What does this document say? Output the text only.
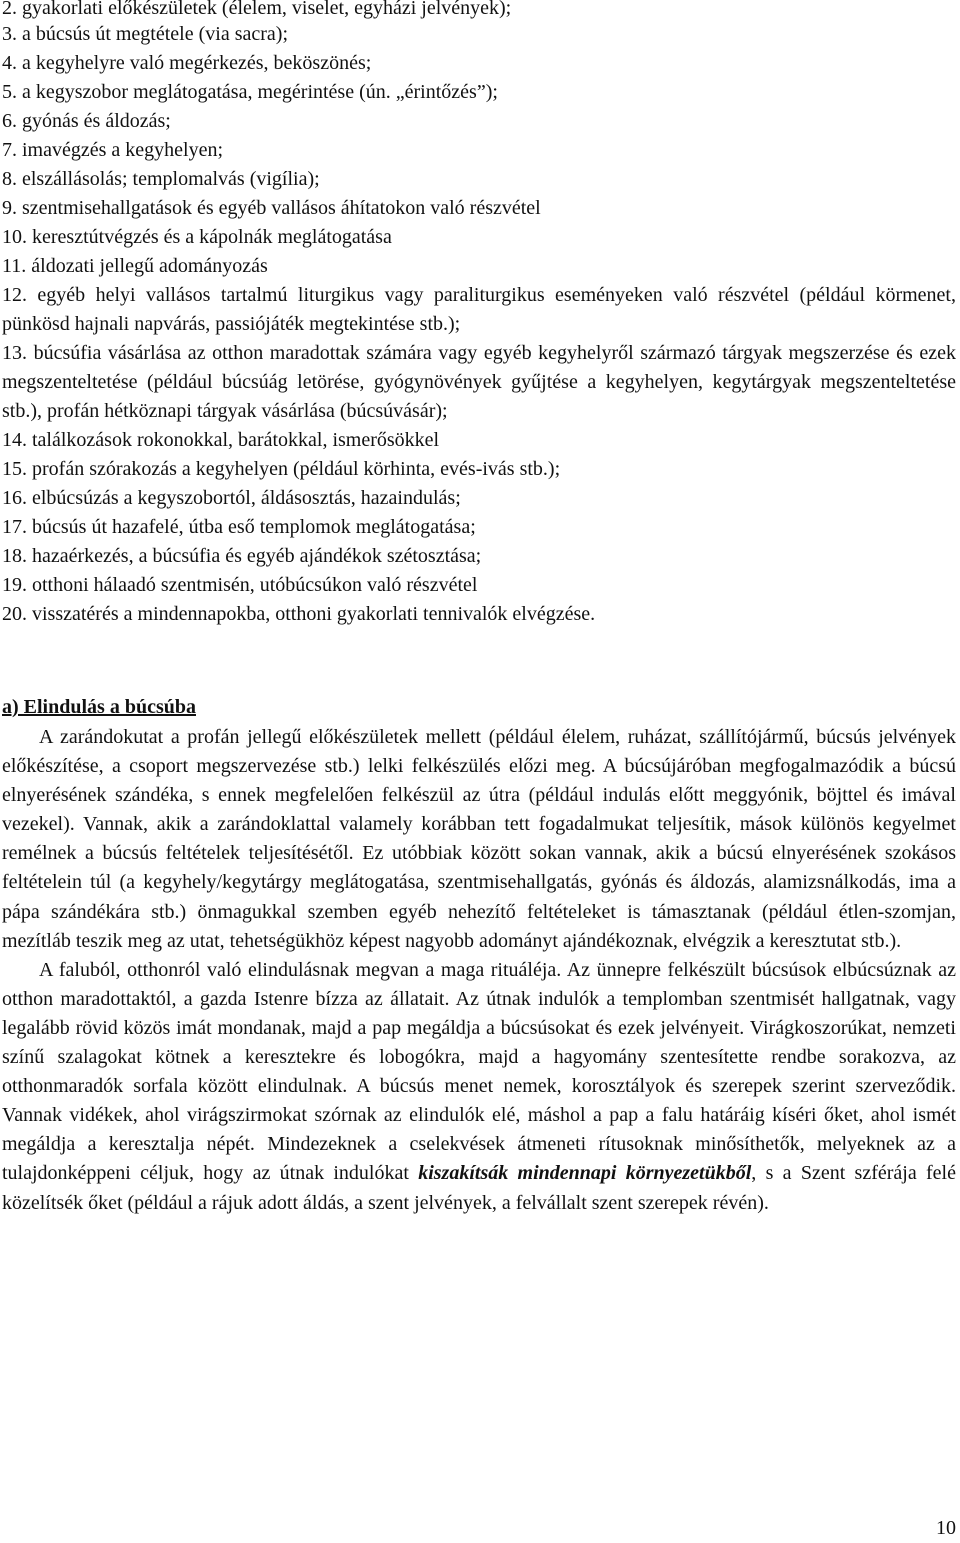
2. gyakorlati előkészületek (élelem, viselet, egyházi jelvények);
3. a búcsús út megtétele (via sacra);
4. a kegyhelyre való megérkezés, beköszönés;
5. a kegyszobor meglátogatása, megérintése (ún. „érintőzés”);
6. gyónás és áldozás;
7. imavégzés a kegyhelyen;
8. elszállásolás; templomalvás (vigília);
9. szentmisehallgatások és egyéb vallásos áhítatokon való részvétel
10. keresztútvégzés és a kápolnák meglátogatása
11. áldozati jellegű adományozás
12. egyéb helyi vallásos tartalmú liturgikus vagy paraliturgikus eseményeken való részvétel (például körmenet, pünkösd hajnali napvárás, passiójáték megtekintése stb.);
13. búcsúfia vásárlása az otthon maradottak számára vagy egyéb kegyhelyről származó tárgyak megszerzése és ezek megszenteltetése (például búcsúág letörése, gyógynövények gyűjtése a kegyhelyen, kegytárgyak megszenteltetése stb.), profán hétköznapi tárgyak vásárlása (búcsúvásár);
14. találkozások rokonokkal, barátokkal, ismerősökkel
15. profán szórakozás a kegyhelyen (például körhinta, evés-ivás stb.);
16. elbúcsúzás a kegyszobortól, áldásosztás, hazaindulás;
17. búcsús út hazafelé, útba eső templomok meglátogatása;
18. hazaérkezés, a búcsúfia és egyéb ajándékok szétosztása;
19. otthoni hálaadó szentmisén, utóbúcsúkon való részvétel
20. visszatérés a mindennapokba, otthoni gyakorlati tennivalók elvégzése.
a) Elindulás a búcsúba

A zarándokutat a profán jellegű előkészületek mellett (például élelem, ruházat, szállítójármű, búcsús jelvények előkészítése, a csoport megszervezése stb.) lelki felkészülés előzi meg. A búcsújáróban megfogalmazódik a búcsú elnyerésének szándéka, s ennek megfelelően felkészül az útra (például indulás előtt meggyónik, böjttel és imával vezekel). Vannak, akik a zarándoklattal valamely korábban tett fogadalmukat teljesítik, mások különös kegyelmet remélnek a búcsús feltételek teljesítésétől. Ez utóbbiak között sokan vannak, akik a búcsú elnyerésének szokásos feltételein túl (a kegyhely/kegytárgy meglátogatása, szentmisehallgatás, gyónás és áldozás, alamizsnálkodás, ima a pápa szándékára stb.) önmagukkal szemben egyéb nehezítő feltételeket is támasztanak (például étlen-szomjan, mezítláb teszik meg az utat, tehetségükhöz képest nagyobb adományt ajándékoznak, elvégzik a keresztutat stb.).

A faluból, otthonról való elindulásnak megvan a maga rituáléja. Az ünnepre felkészült búcsúsok elbúcsúznak az otthon maradottaktól, a gazda Istenre bízza az állatait. Az útnak indulók a templomban szentmisét hallgatnak, vagy legalább rövid közös imát mondanak, majd a pap megáldja a búcsúsokat és ezek jelvényeit. Virágkoszorúkat, nemzeti színű szalagokat kötnek a keresztekre és lobogókra, majd a hagyomány szentesítette rendbe sorakozva, az otthonmaradók sorfala között elindulnak. A búcsús menet nemek, korosztályok és szerepek szerint szerveződik. Vannak vidékek, ahol virágszirmokat szórnak az elindulók elé, máshol a pap a falu határáig kíséri őket, ahol ismét megáldja a keresztalja népét. Mindezeknek a cselekvések átmeneti rítusoknak minősíthetők, melyeknek az a tulajdonképpeni céljuk, hogy az útnak indulókat kiszakítsák mindennapi környezetükből, s a Szent szférája felé közelítsék őket (például a rájuk adott áldás, a szent jelvények, a felvállalt szent szerepek révén).

10
